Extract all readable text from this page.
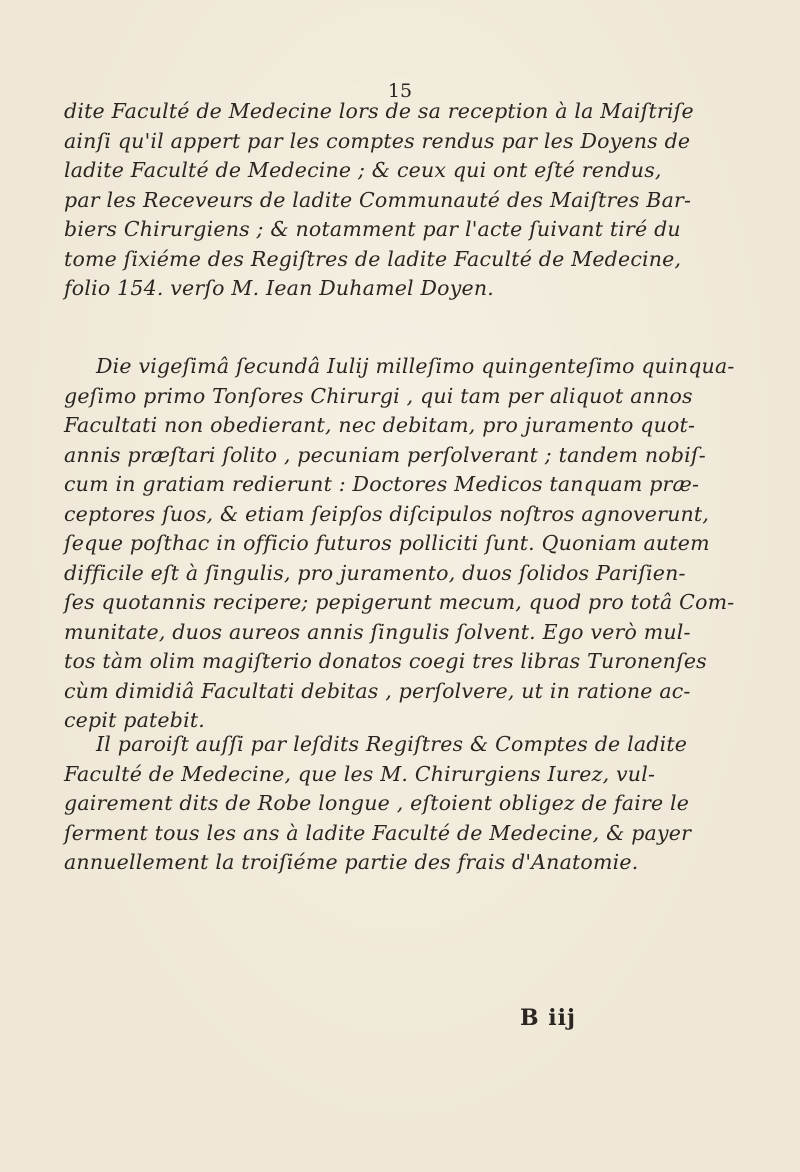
15
dite Faculté de Medecine lors de sa reception à la Maiſtriſe
ainſi qu'il appert par les comptes rendus par les Doyens de
ladite Faculté de Medecine ; & ceux qui ont eſté rendus,
par les Receveurs de ladite Communauté des Maiſtres Bar-
biers Chirurgiens ; & notamment par l'acte ſuivant tiré du
tome ſixiéme des Regiſtres de ladite Faculté de Medecine,
folio 154. verſo M. Iean Duhamel Doyen.
Die vigeſimâ ſecundâ Iulij milleſimo quingenteſimo quinqua-
geſimo primo Tonſores Chirurgi , qui tam per aliquot annos
Facultati non obedierant, nec debitam, pro juramento quot-
annis præſtari ſolito , pecuniam perſolverant ; tandem nobiſ-
cum in gratiam redierunt : Doctores Medicos tanquam præ-
ceptores ſuos, & etiam ſeipſos diſcipulos noſtros agnoverunt,
ſeque poſthac in officio futuros polliciti ſunt. Quoniam autem
difficile eſt à ſingulis, pro juramento, duos ſolidos Pariſien-
ſes quotannis recipere; pepigerunt mecum, quod pro totâ Com-
munitate, duos aureos annis ſingulis ſolvent. Ego verò mul-
tos tàm olim magiſterio donatos coegi tres libras Turonenſes
cùm dimidiâ Facultati debitas , perſolvere, ut in ratione ac-
cepit patebit.
Il paroiſt auſſi par leſdits Regiſtres & Comptes de ladite
Faculté de Medecine, que les M. Chirurgiens Iurez, vul-
gairement dits de Robe longue , eſtoient obligez de faire le
ſerment tous les ans à ladite Faculté de Medecine, & payer
annuellement la troiſiéme partie des frais d'Anatomie.
B iij
